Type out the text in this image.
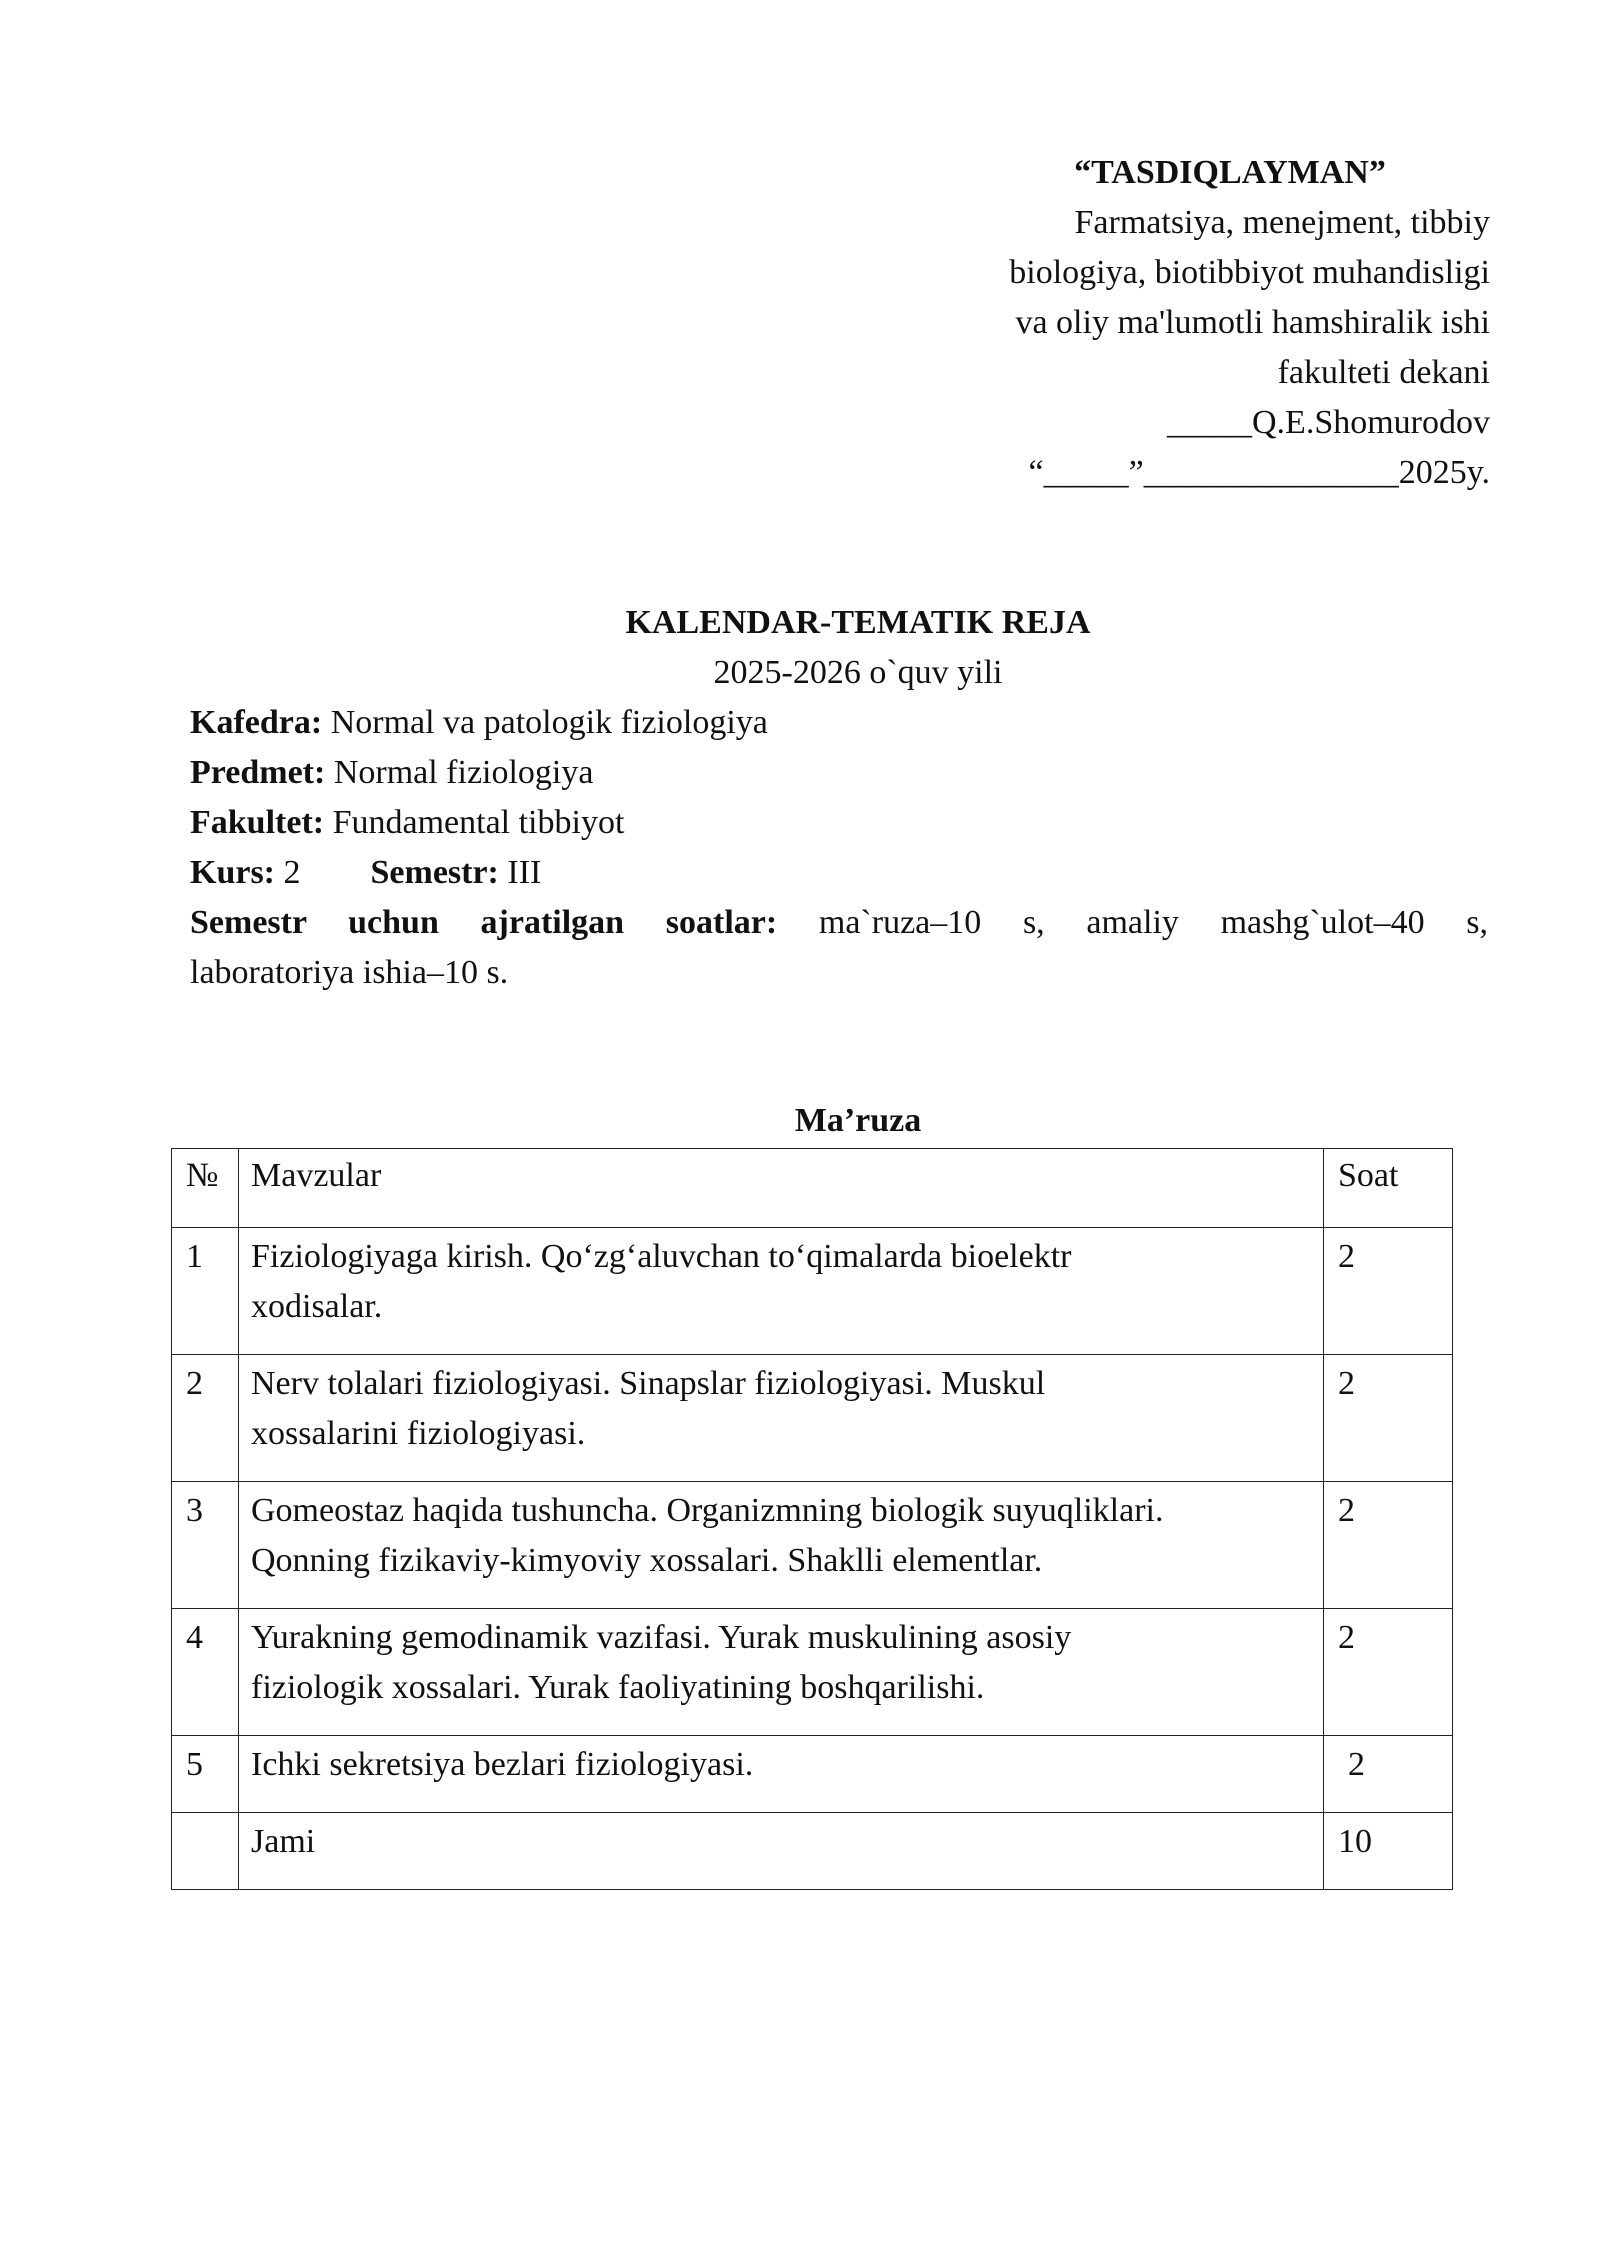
“TASDIQLAYMAN”
Farmatsiya, menejment, tibbiy
biologiya, biotibbiyot muhandisligi
va oliy ma'lumotli hamshiralik ishi
fakulteti dekani
_____Q.E.Shomurodov
“_____”_______________2025y.
KALENDAR-TEMATIK REJA
2025-2026 o`quv yili
Kafedra: Normal va patologik fiziologiya
Predmet: Normal fiziologiya
Fakultet: Fundamental tibbiyot
Kurs: 2 Semestr: III
Semestr uchun ajratilgan soatlar: ma`ruza–10 s, amaliy mashg`ulot–40 s,
laboratoriya ishia–10 s.
Ma’ruza
№	Mavzular	Soat
1	Fiziologiyaga kirish. Qo‘zg‘aluvchan to‘qimalarda bioelektr
xodisalar.	2
2	Nerv tolalari fiziologiyasi. Sinapslar fiziologiyasi. Muskul
xossalarini fiziologiyasi.	2
3	Gomeostaz haqida tushuncha. Organizmning biologik suyuqliklari.
Qonning fizikaviy-kimyoviy xossalari. Shaklli elementlar.	2
4	Yurakning gemodinamik vazifasi. Yurak muskulining asosiy
fiziologik xossalari. Yurak faoliyatining boshqarilishi.	2
5	Ichki sekretsiya bezlari fiziologiyasi.	2
	Jami	10
